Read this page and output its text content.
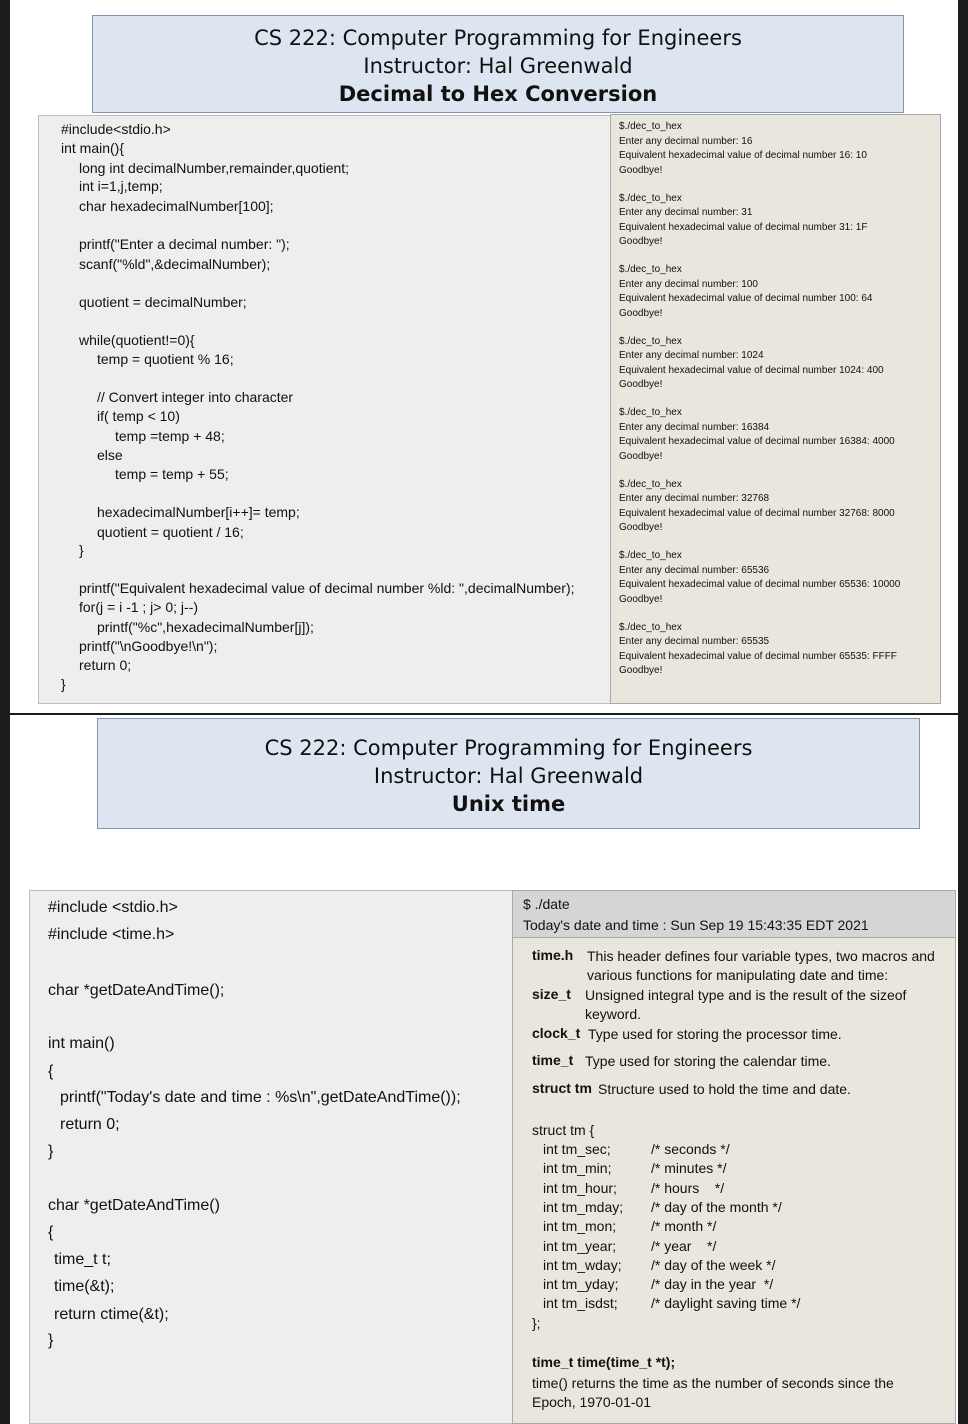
CS 222: Computer Programming for Engineers
Instructor: Hal Greenwald
Decimal to Hex Conversion
#include<stdio.h>
int main(){
long int decimalNumber,remainder,quotient;
int i=1,j,temp;
char hexadecimalNumber[100];
printf("Enter a decimal number: ");
scanf("%ld",&decimalNumber);
quotient = decimalNumber;
while(quotient!=0){
temp = quotient % 16;
// Convert integer into character
if( temp < 10)
temp =temp + 48;
else
temp = temp + 55;
hexadecimalNumber[i++]= temp;
quotient = quotient / 16;
}
printf("Equivalent hexadecimal value of decimal number %ld: ",decimalNumber);
for(j = i -1 ; j> 0; j--)
printf("%c",hexadecimalNumber[j]);
printf("\nGoodbye!\n");
return 0;
}
$./dec_to_hex
Enter any decimal number: 16
Equivalent hexadecimal value of decimal number 16: 10
Goodbye!
$./dec_to_hex
Enter any decimal number: 31
Equivalent hexadecimal value of decimal number 31: 1F
Goodbye!
$./dec_to_hex
Enter any decimal number: 100
Equivalent hexadecimal value of decimal number 100: 64
Goodbye!
$./dec_to_hex
Enter any decimal number: 1024
Equivalent hexadecimal value of decimal number 1024: 400
Goodbye!
$./dec_to_hex
Enter any decimal number: 16384
Equivalent hexadecimal value of decimal number 16384: 4000
Goodbye!
$./dec_to_hex
Enter any decimal number: 32768
Equivalent hexadecimal value of decimal number 32768: 8000
Goodbye!
$./dec_to_hex
Enter any decimal number: 65536
Equivalent hexadecimal value of decimal number 65536: 10000
Goodbye!
$./dec_to_hex
Enter any decimal number: 65535
Equivalent hexadecimal value of decimal number 65535: FFFF
Goodbye!
CS 222: Computer Programming for Engineers
Instructor: Hal Greenwald
Unix time
#include <stdio.h>
#include <time.h>
char *getDateAndTime();
int main()
{
printf("Today's date and time : %s\n",getDateAndTime());
return 0;
}
char *getDateAndTime()
{
time_t t;
time(&t);
return ctime(&t);
}
$ ./date
Today's date and time : Sun Sep 19 15:43:35 EDT 2021
time.h This header defines four variable types, two macros and various functions for manipulating date and time:
size_t Unsigned integral type and is the result of the sizeof keyword.
clock_t Type used for storing the processor time.
time_t Type used for storing the calendar time.
struct tm Structure used to hold the time and date.
struct tm {
int tm_sec;	/* seconds */
int tm_min;	/* minutes */
int tm_hour; /* hours    */
int tm_mday; /* day of the month */
int tm_mon; /* month */
int tm_year; /* year    */
int tm_wday; /* day of the week */
int tm_yday; /* day in the year  */
int tm_isdst; /* daylight saving time */
};
time_t time(time_t *t);
time() returns the time as the number of seconds since the Epoch, 1970-01-01
